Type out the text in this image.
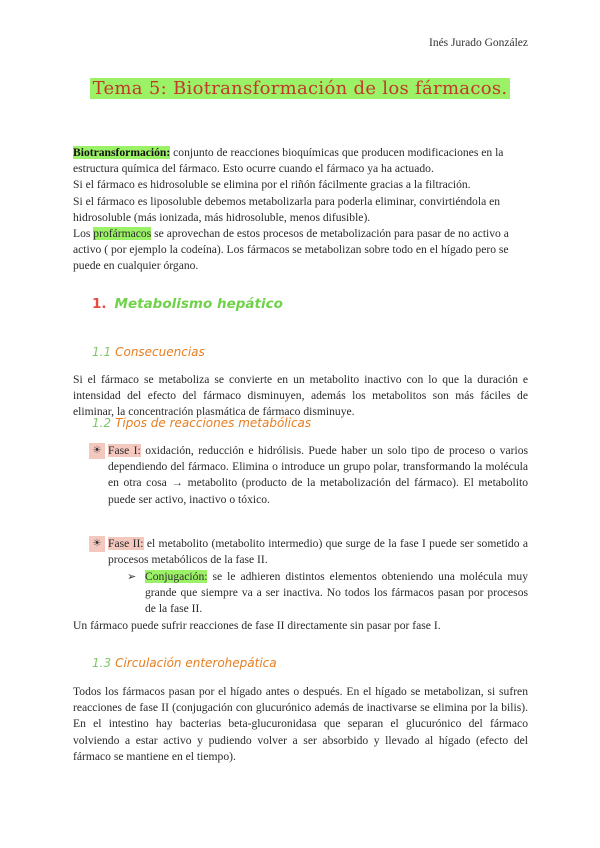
Inés Jurado González
Tema 5: Biotransformación de los fármacos.
Biotransformación: conjunto de reacciones bioquímicas que producen modificaciones en la estructura química del fármaco. Esto ocurre cuando el fármaco ya ha actuado.
Si el fármaco es hidrosoluble se elimina por el riñón fácilmente gracias a la filtración.
Si el fármaco es liposoluble debemos metabolizarla para poderla eliminar, convirtiéndola en hidrosoluble (más ionizada, más hidrosoluble, menos difusible).
Los profármacos se aprovechan de estos procesos de metabolización para pasar de no activo a activo ( por ejemplo la codeína). Los fármacos se metabolizan sobre todo en el hígado pero se puede en cualquier órgano.
1. Metabolismo hepático
1.1 Consecuencias
Si el fármaco se metaboliza se convierte en un metabolito inactivo con lo que la duración e intensidad del efecto del fármaco disminuyen, además los metabolitos son más fáciles de eliminar, la concentración plasmática de fármaco disminuye.
1.2 Tipos de reacciones metabólicas
☀ Fase I: oxidación, reducción e hidrólisis. Puede haber un solo tipo de proceso o varios dependiendo del fármaco. Elimina o introduce un grupo polar, transformando la molécula en otra cosa → metabolito (producto de la metabolización del fármaco). El metabolito puede ser activo, inactivo o tóxico.
☀ Fase II: el metabolito (metabolito intermedio) que surge de la fase I puede ser sometido a procesos metabólicos de la fase II.
➢ Conjugación: se le adhieren distintos elementos obteniendo una molécula muy grande que siempre va a ser inactiva. No todos los fármacos pasan por procesos de la fase II.
Un fármaco puede sufrir reacciones de fase II directamente sin pasar por fase I.
1.3 Circulación enterohepática
Todos los fármacos pasan por el hígado antes o después. En el hígado se metabolizan, si sufren reacciones de fase II (conjugación con glucurónico además de inactivarse se elimina por la bilis). En el intestino hay bacterias beta-glucuronidasa que separan el glucurónico del fármaco volviendo a estar activo y pudiendo volver a ser absorbido y llevado al hígado (efecto del fármaco se mantiene en el tiempo).
